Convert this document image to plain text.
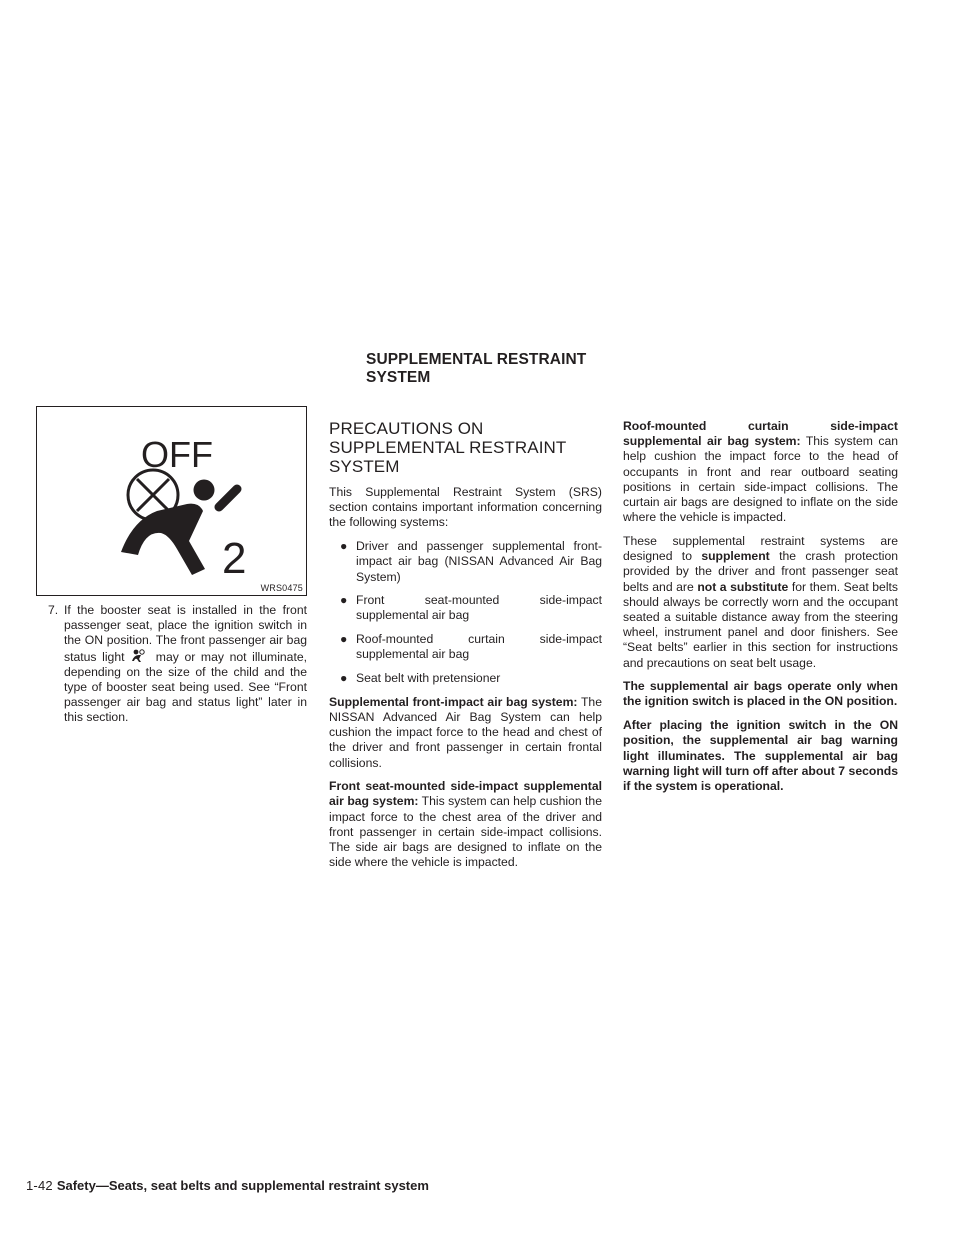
SUPPLEMENTAL RESTRAINT
SYSTEM
OFF
2
WRS0475

7. If the booster seat is installed in the front passenger seat, place the ignition switch in the ON position. The front passenger air bag status light	may or may not illuminate, depending on the size of the child and the type of booster seat being used. See “Front passenger air bag and status light” later in this section.

PRECAUTIONS ON SUPPLEMENTAL RESTRAINT SYSTEM

This Supplemental Restraint System (SRS) section contains important information concerning the following systems:

● Driver and passenger supplemental front-impact air bag (NISSAN Advanced Air Bag System)
● Front seat-mounted side-impact supplemental air bag
● Roof-mounted curtain side-impact supplemental air bag
● Seat belt with pretensioner

Supplemental front-impact air bag system: The NISSAN Advanced Air Bag System can help cushion the impact force to the head and chest of the driver and front passenger in certain frontal collisions.

Front seat-mounted side-impact supplemental air bag system: This system can help cushion the impact force to the chest area of the driver and front passenger in certain side-impact collisions. The side air bags are designed to inflate on the side where the vehicle is impacted.

Roof-mounted curtain side-impact supplemental air bag system: This system can help cushion the impact force to the head of occupants in front and rear outboard seating positions in certain side-impact collisions. The curtain air bags are designed to inflate on the side where the vehicle is impacted.

These supplemental restraint systems are designed to supplement the crash protection provided by the driver and front passenger seat belts and are not a substitute for them. Seat belts should always be correctly worn and the occupant seated a suitable distance away from the steering wheel, instrument panel and door finishers. See “Seat belts” earlier in this section for instructions and precautions on seat belt usage.

The supplemental air bags operate only when the ignition switch is placed in the ON position.

After placing the ignition switch in the ON position, the supplemental air bag warning light illuminates. The supplemental air bag warning light will turn off after about 7 seconds if the system is operational.

1-42 Safety—Seats, seat belts and supplemental restraint system
